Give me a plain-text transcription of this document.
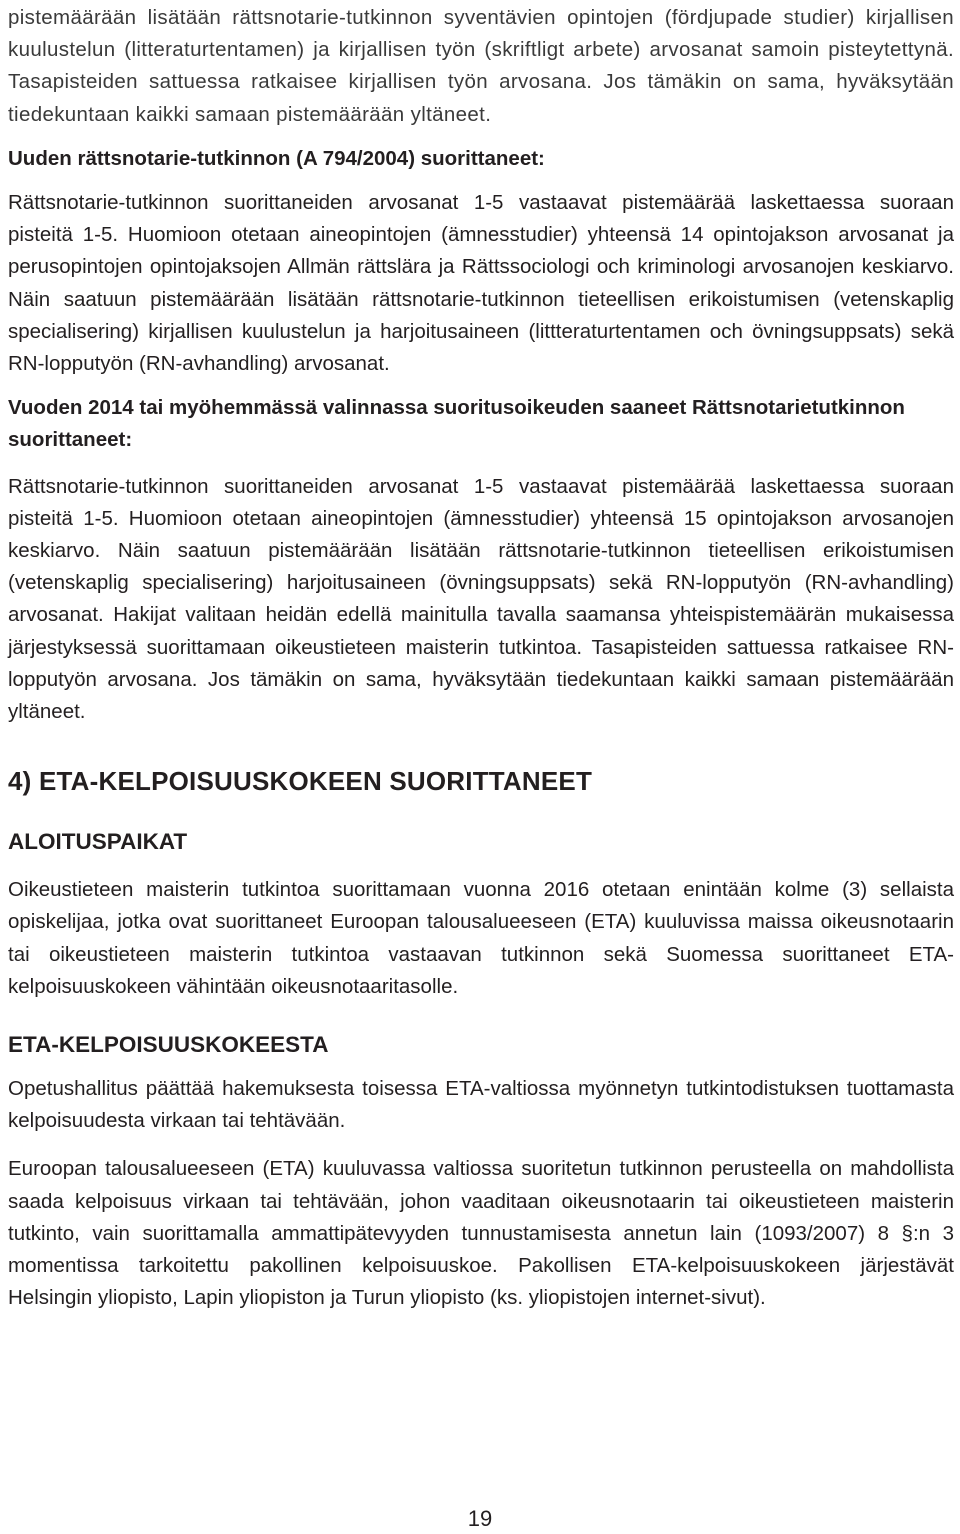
pistemäärään lisätään rättsnotarie-tutkinnon syventävien opintojen (fördjupade studier) kirjallisen kuulustelun (litteraturtentamen) ja kirjallisen työn (skriftligt arbete) arvosanat samoin pisteytettynä. Tasapisteiden sattuessa ratkaisee kirjallisen työn arvosana. Jos tämäkin on sama, hyväksytään tiedekuntaan kaikki samaan pistemäärään yltäneet.

Uuden rättsnotarie-tutkinnon (A 794/2004) suorittaneet:

Rättsnotarie-tutkinnon suorittaneiden arvosanat 1-5 vastaavat pistemäärää laskettaessa suoraan pisteitä 1-5. Huomioon otetaan aineopintojen (ämnesstudier) yhteensä 14 opintojakson arvosanat ja perusopintojen opintojaksojen Allmän rättslära ja Rättssociologi och kriminologi arvosanojen keskiarvo. Näin saatuun pistemäärään lisätään rättsnotarie-tutkinnon tieteellisen erikoistumisen (vetenskaplig specialisering) kirjallisen kuulustelun ja harjoitusaineen (littteraturtentamen och övningsuppsats) sekä RN-lopputyön (RN-avhandling) arvosanat.

Vuoden 2014 tai myöhemmässä valinnassa suoritusoikeuden saaneet Rättsnotarietutkinnon suorittaneet:

Rättsnotarie-tutkinnon suorittaneiden arvosanat 1-5 vastaavat pistemäärää laskettaessa suoraan pisteitä 1-5. Huomioon otetaan aineopintojen (ämnesstudier) yhteensä 15 opintojakson arvosanojen keskiarvo. Näin saatuun pistemäärään lisätään rättsnotarie-tutkinnon tieteellisen erikoistumisen (vetenskaplig specialisering) harjoitusaineen (övningsuppsats) sekä RN-lopputyön (RN-avhandling) arvosanat. Hakijat valitaan heidän edellä mainitulla tavalla saamansa yhteispistemäärän mukaisessa järjestyksessä suorittamaan oikeustieteen maisterin tutkintoa. Tasapisteiden sattuessa ratkaisee RN-lopputyön arvosana. Jos tämäkin on sama, hyväksytään tiedekuntaan kaikki samaan pistemäärään yltäneet.

4) ETA-KELPOISUUSKOKEEN SUORITTANEET
ALOITUSPAIKAT

Oikeustieteen maisterin tutkintoa suorittamaan vuonna 2016 otetaan enintään kolme (3) sellaista opiskelijaa, jotka ovat suorittaneet Euroopan talousalueeseen (ETA) kuuluvissa maissa oikeusnotaarin tai oikeustieteen maisterin tutkintoa vastaavan tutkinnon sekä Suomessa suorittaneet ETA-kelpoisuuskokeen vähintään oikeusnotaaritasolle.

ETA-KELPOISUUSKOKEESTA

Opetushallitus päättää hakemuksesta toisessa ETA-valtiossa myönnetyn tutkintodistuksen tuottamasta kelpoisuudesta virkaan tai tehtävään.

Euroopan talousalueeseen (ETA) kuuluvassa valtiossa suoritetun tutkinnon perusteella on mahdollista saada kelpoisuus virkaan tai tehtävään, johon vaaditaan oikeusnotaarin tai oikeustieteen maisterin tutkinto, vain suorittamalla ammattipätevyyden tunnustamisesta annetun lain (1093/2007) 8 §:n 3 momentissa tarkoitettu pakollinen kelpoisuuskoe. Pakollisen ETA-kelpoisuuskokeen järjestävät Helsingin yliopisto, Lapin yliopiston ja Turun yliopisto (ks. yliopistojen internet-sivut).

19
